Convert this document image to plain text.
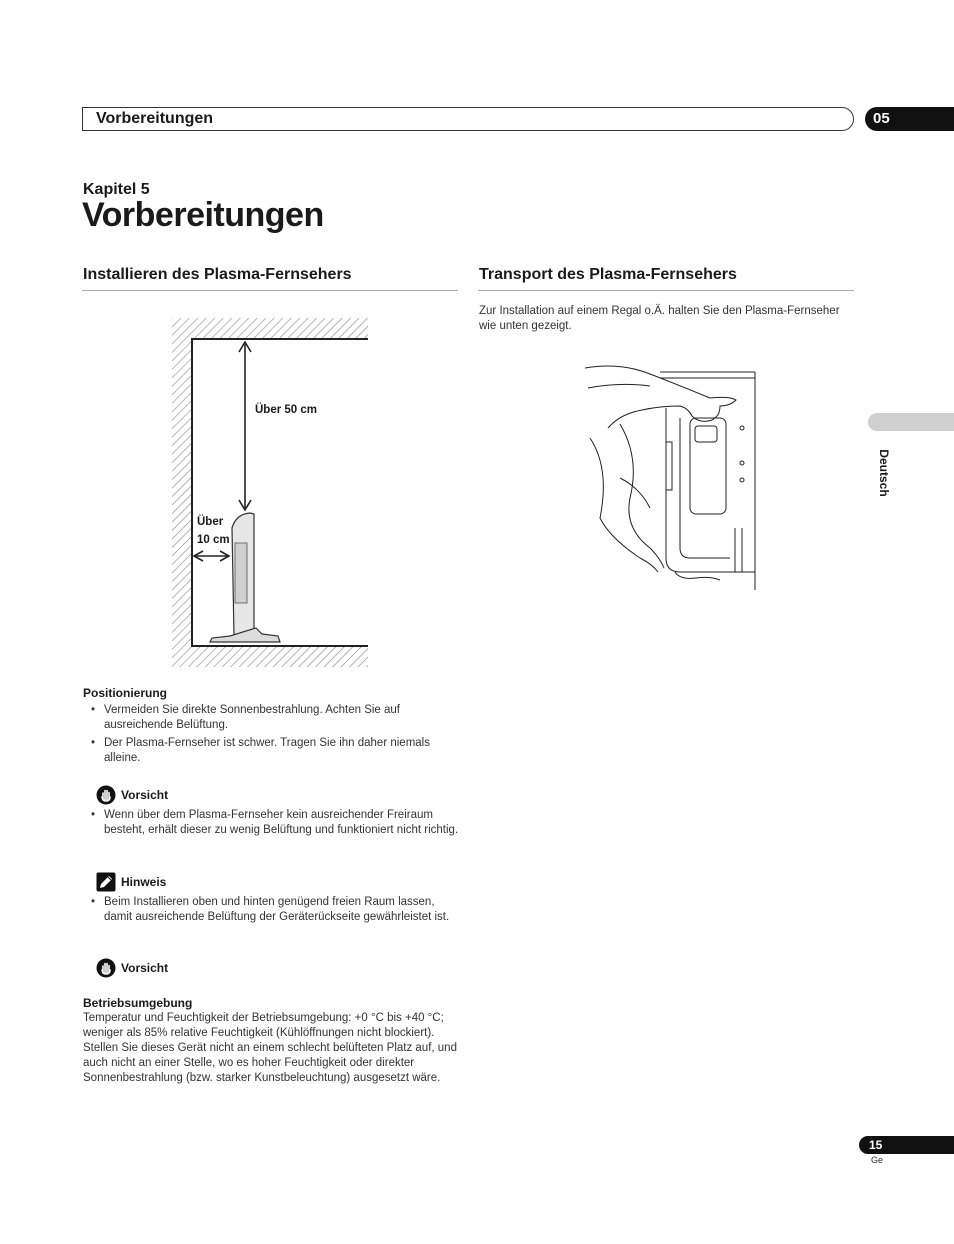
Vorbereitungen	05
Kapitel 5
Vorbereitungen
Installieren des Plasma-Fernsehers	Transport des Plasma-Fernsehers
Über 50 cm
Über
10 cm
Positionierung
• Vermeiden Sie direkte Sonnenbestrahlung. Achten Sie auf ausreichende Belüftung.
• Der Plasma-Fernseher ist schwer. Tragen Sie ihn daher niemals alleine.
Vorsicht
• Wenn über dem Plasma-Fernseher kein ausreichender Freiraum besteht, erhält dieser zu wenig Belüftung und funktioniert nicht richtig.
Hinweis
• Beim Installieren oben und hinten genügend freien Raum lassen, damit ausreichende Belüftung der Geräterückseite gewährleistet ist.
Vorsicht
Betriebsumgebung

Temperatur und Feuchtigkeit der Betriebsumgebung: +0 °C bis +40 °C; weniger als 85% relative Feuchtigkeit (Kühlöffnungen nicht blockiert). Stellen Sie dieses Gerät nicht an einem schlecht belüfteten Platz auf, und auch nicht an einer Stelle, wo es hoher Feuchtigkeit oder direkter Sonnenbestrahlung (bzw. starker Kunstbeleuchtung) ausgesetzt wäre.

Zur Installation auf einem Regal o.Ä. halten Sie den Plasma-Fernseher wie unten gezeigt.

Deutsch
15
Ge
